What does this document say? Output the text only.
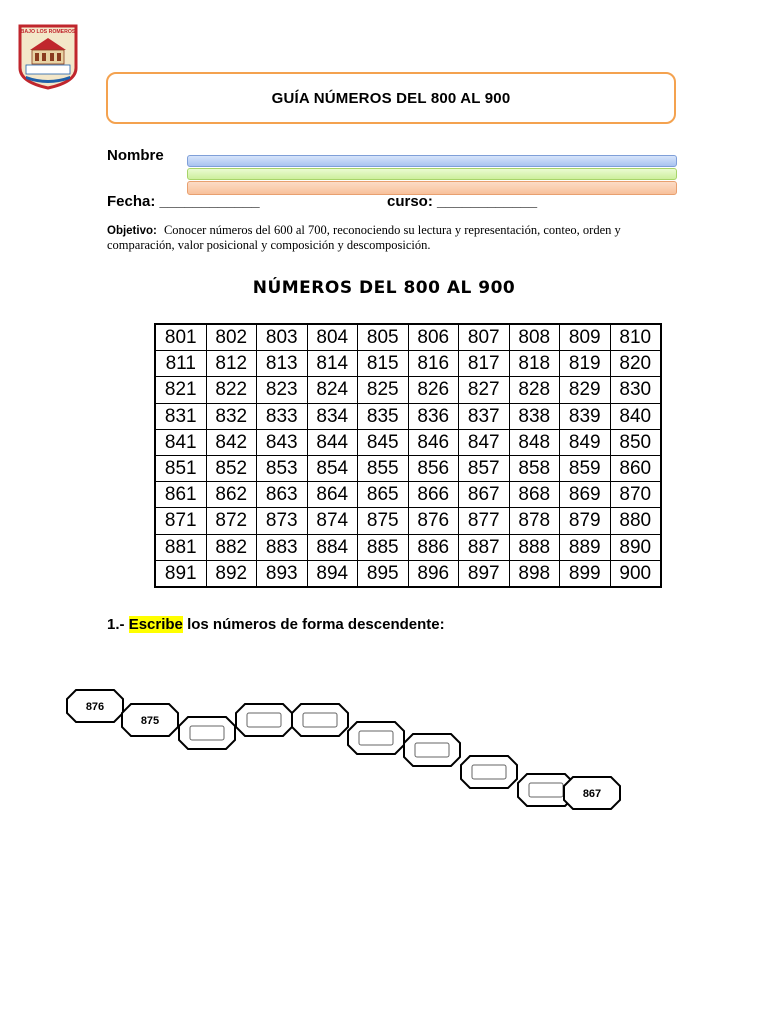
BAJO LOS ROMEROS
GUÍA NÚMEROS DEL 800 AL 900
Nombre
Fecha: ____________	curso: ____________
Objetivo: Conocer números del 600 al 700, reconociendo su lectura y representación, conteo, orden y comparación, valor posicional y composición y descomposición.
NÚMEROS DEL 800 AL 900
801	802	803	804	805	806	807	808	809	810
811	812	813	814	815	816	817	818	819	820
821	822	823	824	825	826	827	828	829	830
831	832	833	834	835	836	837	838	839	840
841	842	843	844	845	846	847	848	849	850
851	852	853	854	855	856	857	858	859	860
861	862	863	864	865	866	867	868	869	870
871	872	873	874	875	876	877	878	879	880
881	882	883	884	885	886	887	888	889	890
891	892	893	894	895	896	897	898	899	900
1.- Escribe los números de forma descendente:
876
875
867
